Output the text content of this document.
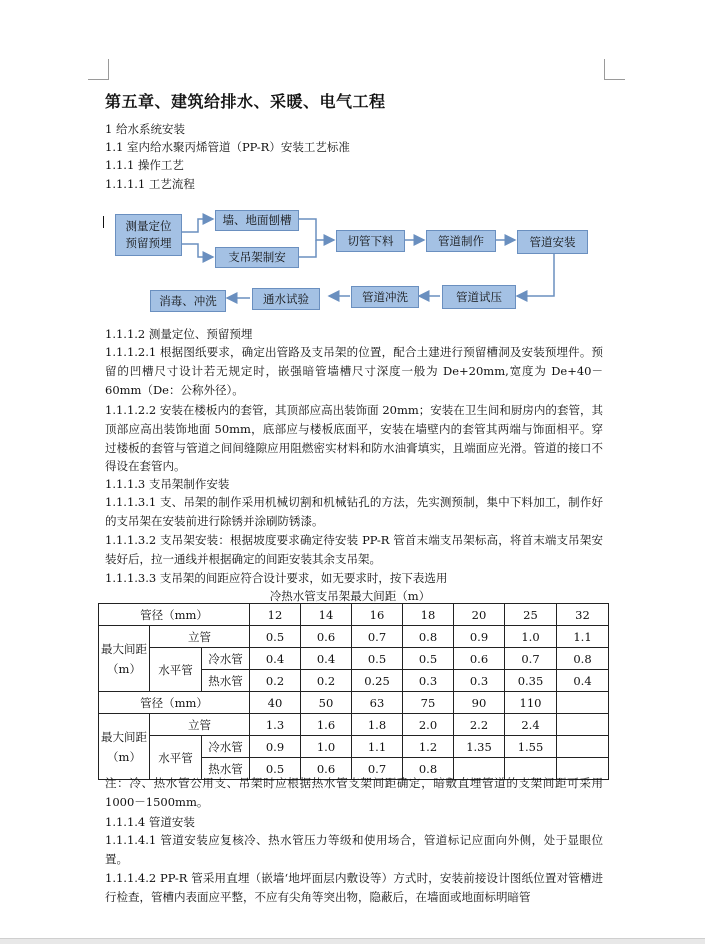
第五章、建筑给排水、采暖、电气工程
1 给水系统安装
1.1 室内给水聚丙烯管道（PP-R）安装工艺标准
1.1.1 操作工艺
1.1.1.1 工艺流程
测量定位
预留预埋
墙、地面刨槽
支吊架制安
切管下料	管道制作	管道安装
管道试压
管道冲洗
通水试验
消毒、冲洗
1.1.1.2 测量定位、预留预埋
1.1.1.2.1 根据图纸要求，确定出管路及支吊架的位置，配合土建进行预留槽洞及安装预埋件。预留的凹槽尺寸设计若无规定时，嵌强暗管墙槽尺寸深度一般为 De+20mm,宽度为 De+40－60mm（De：公称外径）。
1.1.1.2.2 安装在楼板内的套管，其顶部应高出装饰面 20mm；安装在卫生间和厨房内的套管，其顶部应高出装饰地面 50mm，底部应与楼板底面平，安装在墙壁内的套管其两端与饰面相平。穿过楼板的套管与管道之间间缝隙应用阻燃密实材料和防水油膏填实，且端面应光滑。管道的接口不得设在套管内。
1.1.1.3 支吊架制作安装
1.1.1.3.1 支、吊架的制作采用机械切割和机械钻孔的方法，先实测预制，集中下料加工，制作好的支吊架在安装前进行除锈并涂刷防锈漆。
1.1.1.3.2 支吊架安装：根据坡度要求确定待安装 PP-R 管首末端支吊架标高，将首末端支吊架安装好后，拉一通线并根据确定的间距安装其余支吊架。
1.1.1.3.3 支吊架的间距应符合设计要求，如无要求时，按下表选用
冷热水管支吊架最大间距（m）
管径（mm）			12	14	16	18	20	25	32
最大间距（m）	立管		0.5	0.6	0.7	0.8	0.9	1.0	1.1
	水平管	冷水管	0.4	0.4	0.5	0.5	0.6	0.7	0.8
		热水管	0.2	0.2	0.25	0.3	0.3	0.35	0.4
管径（mm）			40	50	63	75	90	110	
最大间距（m）	立管		1.3	1.6	1.8	2.0	2.2	2.4	
	水平管	冷水管	0.9	1.0	1.1	1.2	1.35	1.55	
		热水管	0.5	0.6	0.7	0.8			
注：冷、热水管公用支、吊架时应根据热水管支架间距确定，暗敷直埋管道的支架间距可采用 1000－1500mm。
1.1.1.4 管道安装
1.1.1.4.1 管道安装应复核冷、热水管压力等级和使用场合，管道标记应面向外侧，处于显眼位置。
1.1.1.4.2 PP-R 管采用直埋（嵌墙‘地坪面层内敷设等）方式时，安装前接设计图纸位置对管槽进行检查，管槽内表面应平整，不应有尖角等突出物，隐蔽后，在墙面或地面标明暗管
